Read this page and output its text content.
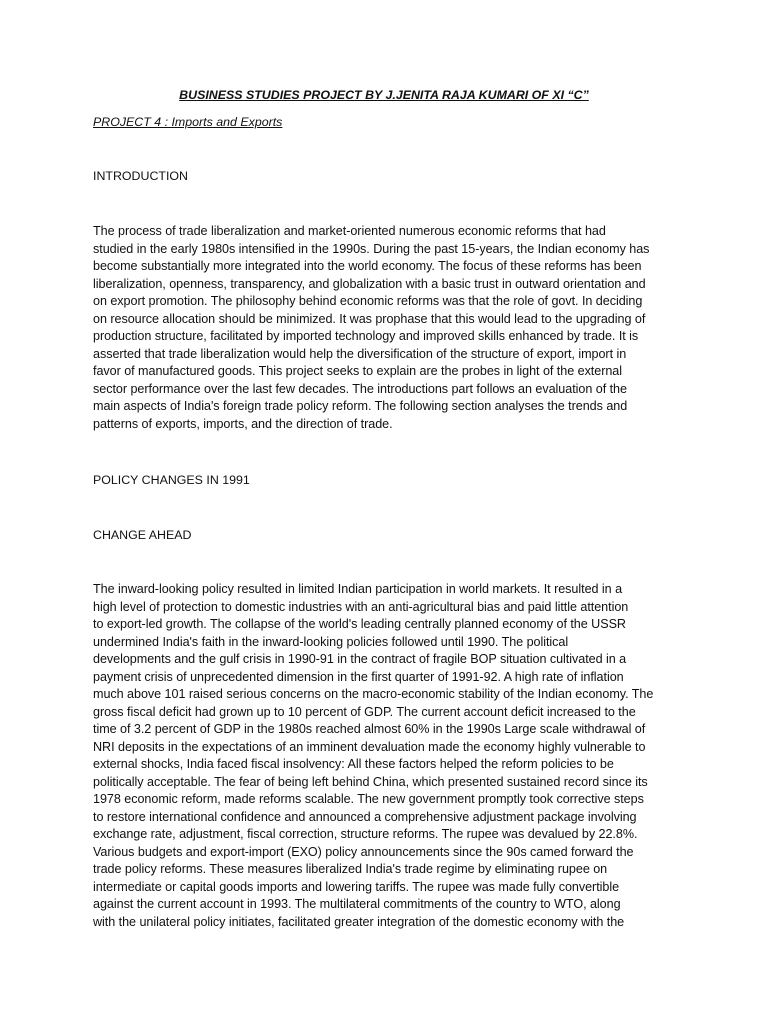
BUSINESS STUDIES PROJECT BY J.JENITA RAJA KUMARI OF XI “C”

PROJECT 4 : Imports and Exports

INTRODUCTION

The process of trade liberalization and market-oriented numerous economic reforms that had
studied in the early 1980s intensified in the 1990s. During the past 15-years, the Indian economy has
become substantially more integrated into the world economy. The focus of these reforms has been
liberalization, openness, transparency, and globalization with a basic trust in outward orientation and
on export promotion. The philosophy behind economic reforms was that the role of govt. In deciding
on resource allocation should be minimized. It was prophase that this would lead to the upgrading of
production structure, facilitated by imported technology and improved skills enhanced by trade. It is
asserted that trade liberalization would help the diversification of the structure of export, import in
favor of manufactured goods. This project seeks to explain are the probes in light of the external
sector performance over the last few decades. The introductions part follows an evaluation of the
main aspects of India's foreign trade policy reform. The following section analyses the trends and
patterns of exports, imports, and the direction of trade.

POLICY CHANGES IN 1991

CHANGE AHEAD

The inward-looking policy resulted in limited Indian participation in world markets. It resulted in a
high level of protection to domestic industries with an anti-agricultural bias and paid little attention
to export-led growth. The collapse of the world's leading centrally planned economy of the USSR
undermined India's faith in the inward-looking policies followed until 1990. The political
developments and the gulf crisis in 1990-91 in the contract of fragile BOP situation cultivated in a
payment crisis of unprecedented dimension in the first quarter of 1991-92. A high rate of inflation
much above 101 raised serious concerns on the macro-economic stability of the Indian economy. The
gross fiscal deficit had grown up to 10 percent of GDP. The current account deficit increased to the
time of 3.2 percent of GDP in the 1980s reached almost 60% in the 1990s Large scale withdrawal of
NRI deposits in the expectations of an imminent devaluation made the economy highly vulnerable to
external shocks, India faced fiscal insolvency: All these factors helped the reform policies to be
politically acceptable. The fear of being left behind China, which presented sustained record since its
1978 economic reform, made reforms scalable. The new government promptly took corrective steps
to restore international confidence and announced a comprehensive adjustment package involving
exchange rate, adjustment, fiscal correction, structure reforms. The rupee was devalued by 22.8%.
Various budgets and export-import (EXO) policy announcements since the 90s camed forward the
trade policy reforms. These measures liberalized India's trade regime by eliminating rupee on
intermediate or capital goods imports and lowering tariffs. The rupee was made fully convertible
against the current account in 1993. The multilateral commitments of the country to WTO, along
with the unilateral policy initiates, facilitated greater integration of the domestic economy with the
